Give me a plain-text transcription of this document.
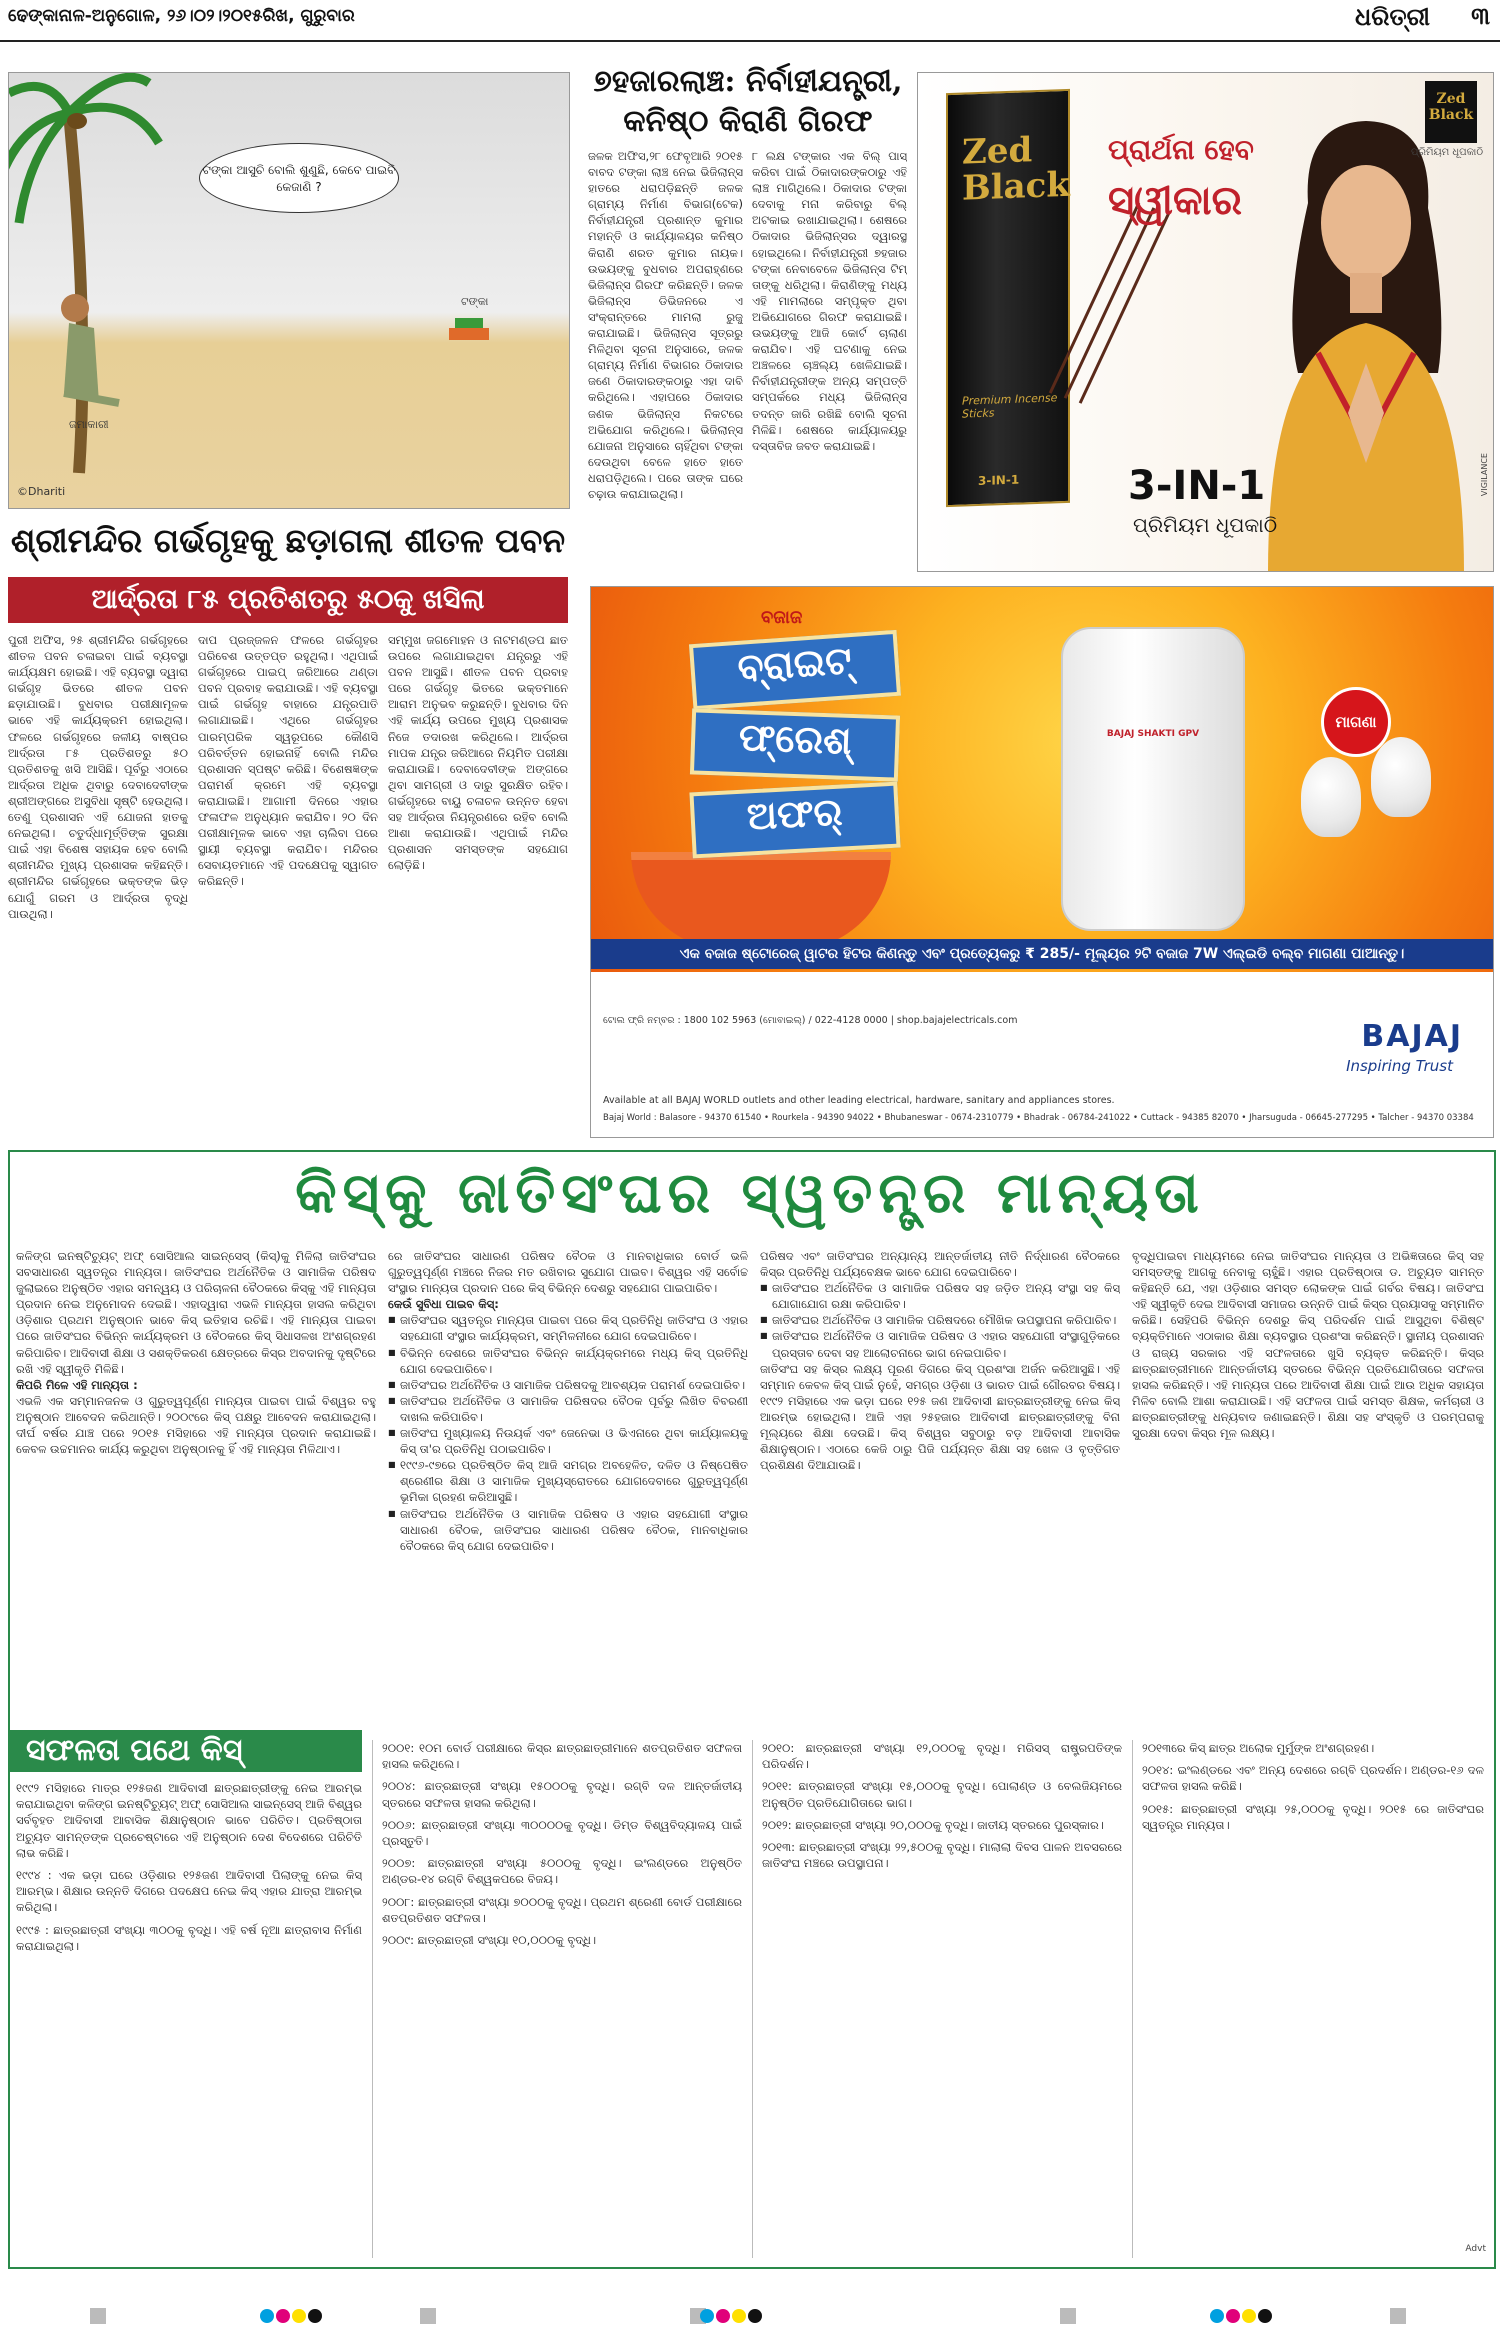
ଢେଙ୍କାନାଳ-ଅନୁଗୋଳ, ୨୬।୦୨।୨୦୧୫ରିଖ, ଗୁରୁବାର	ଧରିତ୍ରୀ ୩
ଟଙ୍କା ଆସୁଚି ବୋଲି ଶୁଣୁଛି, କେବେ ପାଇବି କେଜାଣି ?
ଟଙ୍କା
ଜମାକାରୀ
©Dhariti
୭ହଜାରଲାଞ୍ଚ: ନିର୍ବାହୀଯନ୍ତ୍ରୀ, କନିଷ୍ଠ କିରାଣି ଗିରଫ
ଜଳକ ଅଫିସ,୨୮ ଫେବୃଆରି ୨୦୧୫ ବାବଦ ଟଙ୍କା ଲାଞ୍ଚ ନେଇ ଭିଜିଲାନ୍ସ ହାତରେ ଧରାପଡ଼ିଛନ୍ତି ଜଳକ ଗ୍ରାମ୍ୟ ନିର୍ମାଣ ବିଭାଗ(ଟେକ) ନିର୍ବାହୀଯନ୍ତ୍ରୀ ପ୍ରଶାନ୍ତ କୁମାର ମହାନ୍ତି ଓ କାର୍ଯ୍ୟାଳୟର କନିଷ୍ଠ କିରାଣି ଶରତ କୁମାର ନାୟକ। ଉଭୟଙ୍କୁ ବୁଧବାର ଅପରାହ୍ଣରେ ଭିଜିଲାନ୍ସ ଗିରଫ କରିଛନ୍ତି। ଜଳକ ଭିଜିଲାନ୍ସ ଡିଭିଜନରେ ଏ ସଂକ୍ରାନ୍ତରେ ମାମଲା ରୁଜୁ କରାଯାଇଛି। ଭିଜିଲାନ୍ସ ସୂତ୍ରରୁ ମିଳିଥିବା ସୂଚନା ଅନୁସାରେ, ଜଳକ ଗ୍ରାମ୍ୟ ନିର୍ମାଣ ବିଭାଗର ଠିକାଦାର ଜଣେ ଠିକାଦାରଙ୍କଠାରୁ ଏହା ଦାବି କରିଥିଲେ। ଏହାପରେ ଠିକାଦାର ଜଣକ ଭିଜିଲାନ୍ସ ନିକଟରେ ଅଭିଯୋଗ କରିଥିଲେ। ଭିଜିଲାନ୍ସ ଯୋଜନା ଅନୁସାରେ ଚାହିଁଥିବା ଟଙ୍କା ଦେଉଥିବା ବେଳେ ହାତେ ହାତେ ଧରାପଡ଼ିଥିଲେ। ପରେ ତାଙ୍କ ଘରେ ଚଢ଼ାଉ କରାଯାଇଥିଲା।
୮ ଲକ୍ଷ ଟଙ୍କାର ଏକ ବିଲ୍ ପାସ୍ କରିବା ପାଇଁ ଠିକାଦାରଙ୍କଠାରୁ ଏହି ଲାଞ୍ଚ ମାଗିଥିଲେ। ଠିକାଦାର ଟଙ୍କା ଦେବାକୁ ମନା କରିବାରୁ ବିଲ୍ ଅଟକାଇ ରଖାଯାଇଥିଲା। ଶେଷରେ ଠିକାଦାର ଭିଜିଲାନ୍ସର ଦ୍ୱାରସ୍ଥ ହୋଇଥିଲେ। ନିର୍ବାହୀଯନ୍ତ୍ରୀ ୭ହଜାର ଟଙ୍କା ନେବାବେଳେ ଭିଜିଲାନ୍ସ ଟିମ୍ ତାଙ୍କୁ ଧରିଥିଲା। କିରାଣିଙ୍କୁ ମଧ୍ୟ ଏହି ମାମଲାରେ ସମ୍ପୃକ୍ତ ଥିବା ଅଭିଯୋଗରେ ଗିରଫ କରାଯାଇଛି। ଉଭୟଙ୍କୁ ଆଜି କୋର୍ଟ ଚାଲାଣ କରାଯିବ। ଏହି ଘଟଣାକୁ ନେଇ ଅଞ୍ଚଳରେ ଚାଞ୍ଚଲ୍ୟ ଖେଳିଯାଇଛି। ନିର୍ବାହୀଯନ୍ତ୍ରୀଙ୍କ ଅନ୍ୟ ସମ୍ପତ୍ତି ସମ୍ପର୍କରେ ମଧ୍ୟ ଭିଜିଲାନ୍ସ ତଦନ୍ତ ଜାରି ରଖିଛି ବୋଲି ସୂଚନା ମିଳିଛି। ଶେଷରେ କାର୍ଯ୍ୟାଳୟରୁ ଦସ୍ତାବିଜ ଜବତ କରାଯାଇଛି।
Zed Black
Premium Incense Sticks
3-IN-1
ପ୍ରାର୍ଥନା ହେବ
ସ୍ୱୀକାର
3-IN-1
ପ୍ରିମିୟମ ଧୂପକାଠି
Zed Black
ପ୍ରିମିୟମ ଧୂପକାଠି
VIGILANCE
ଶ୍ରୀମନ୍ଦିର ଗର୍ଭଗୃହକୁ ଛଡ଼ାଗଲା ଶୀତଳ ପବନ
ଆର୍ଦ୍ରତା ୮୫ ପ୍ରତିଶତରୁ ୫୦କୁ ଖସିଲା
ପୁରୀ ଅଫିସ, ୨୫ ଶ୍ରୀମନ୍ଦିର ଗର୍ଭଗୃହରେ ଶୀତଳ ପବନ ଚଳାଇବା ପାଇଁ ବ୍ୟବସ୍ଥା କାର୍ଯ୍ୟକ୍ଷମ ହୋଇଛି। ଏହି ବ୍ୟବସ୍ଥା ଦ୍ୱାରା ଗର୍ଭଗୃହ ଭିତରେ ଶୀତଳ ପବନ ଛଡ଼ାଯାଉଛି। ବୁଧବାର ପରୀକ୍ଷାମୂଳକ ଭାବେ ଏହି କାର୍ଯ୍ୟକ୍ରମ ହୋଇଥିଲା। ଫଳରେ ଗର୍ଭଗୃହରେ ଜଳୀୟ ବାଷ୍ପର ଆର୍ଦ୍ରତା ୮୫ ପ୍ରତିଶତରୁ ୫୦ ପ୍ରତିଶତକୁ ଖସି ଆସିଛି। ପୂର୍ବରୁ ଏଠାରେ ଆର୍ଦ୍ରତା ଅଧିକ ଥିବାରୁ ଦେବାଦେବୀଙ୍କ ଶ୍ରୀଅଙ୍ଗରେ ଅସୁବିଧା ସୃଷ୍ଟି ହେଉଥିଲା। ତେଣୁ ପ୍ରଶାସନ ଏହି ଯୋଜନା ହାତକୁ ନେଇଥିଲା। ଚତୁର୍ଦ୍ଧାମୂର୍ତ୍ତିଙ୍କ ସୁରକ୍ଷା ପାଇଁ ଏହା ବିଶେଷ ସହାୟକ ହେବ ବୋଲି ଶ୍ରୀମନ୍ଦିର ମୁଖ୍ୟ ପ୍ରଶାସକ କହିଛନ୍ତି। ଶ୍ରୀମନ୍ଦିର ଗର୍ଭଗୃହରେ ଭକ୍ତଙ୍କ ଭିଡ଼ ଯୋଗୁଁ ଗରମ ଓ ଆର୍ଦ୍ରତା ବୃଦ୍ଧି ପାଉଥିଲା।
ଦାପ ପ୍ରଜ୍ଜଳନ ଫଳରେ ଗର୍ଭଗୃହର ପରିବେଶ ଉତ୍ତପ୍ତ ରହୁଥିଲା। ଏଥିପାଇଁ ଗର୍ଭଗୃହରେ ପାଇପ୍ ଜରିଆରେ ଥଣ୍ଡା ପବନ ପ୍ରବାହ କରାଯାଉଛି। ଏହି ବ୍ୟବସ୍ଥା ପାଇଁ ଗର୍ଭଗୃହ ବାହାରେ ଯନ୍ତ୍ରପାତି ଲଗାଯାଇଛି। ଏଥିରେ ଗର୍ଭଗୃହର ପାରମ୍ପରିକ ସ୍ୱରୂପରେ କୌଣସି ପରିବର୍ତ୍ତନ ହୋଇନାହିଁ ବୋଲି ମନ୍ଦିର ପ୍ରଶାସନ ସ୍ପଷ୍ଟ କରିଛି। ବିଶେଷଜ୍ଞଙ୍କ ପରାମର୍ଶ କ୍ରମେ ଏହି ବ୍ୟବସ୍ଥା କରାଯାଇଛି। ଆଗାମୀ ଦିନରେ ଏହାର ଫଳାଫଳ ଅନୁଧ୍ୟାନ କରାଯିବ। ୨୦ ଦିନ ପରୀକ୍ଷାମୂଳକ ଭାବେ ଏହା ଚାଲିବା ପରେ ସ୍ଥାୟୀ ବ୍ୟବସ୍ଥା କରାଯିବ। ମନ୍ଦିରର ସେବାୟତମାନେ ଏହି ପଦକ୍ଷେପକୁ ସ୍ୱାଗତ କରିଛନ୍ତି।
ସମ୍ମୁଖ ଜଗମୋହନ ଓ ନାଟମଣ୍ଡପ ଛାତ ଉପରେ ଲଗାଯାଇଥିବା ଯନ୍ତ୍ରରୁ ଏହି ପବନ ଆସୁଛି। ଶୀତଳ ପବନ ପ୍ରବାହ ପରେ ଗର୍ଭଗୃହ ଭିତରେ ଭକ୍ତମାନେ ଆରାମ ଅନୁଭବ କରୁଛନ୍ତି। ବୁଧବାର ଦିନ ଏହି କାର୍ଯ୍ୟ ଉପରେ ମୁଖ୍ୟ ପ୍ରଶାସକ ନିଜେ ତଦାରଖ କରିଥିଲେ। ଆର୍ଦ୍ରତା ମାପକ ଯନ୍ତ୍ର ଜରିଆରେ ନିୟମିତ ପରୀକ୍ଷା କରାଯାଉଛି। ଦେବାଦେବୀଙ୍କ ଅଙ୍ଗରେ ଥିବା ସାମଗ୍ରୀ ଓ ଦାରୁ ସୁରକ୍ଷିତ ରହିବ। ଗର୍ଭଗୃହରେ ବାୟୁ ଚଳାଚଳ ଉନ୍ନତ ହେବା ସହ ଆର୍ଦ୍ରତା ନିୟନ୍ତ୍ରଣରେ ରହିବ ବୋଲି ଆଶା କରାଯାଉଛି। ଏଥିପାଇଁ ମନ୍ଦିର ପ୍ରଶାସନ ସମସ୍ତଙ୍କ ସହଯୋଗ ଲୋଡ଼ିଛି।
ବଜାଜ
ବ୍ରାଇଟ୍
ଫ୍ରେଶ୍
ଅଫର୍
BAJAJ SHAKTI GPV
ମାଗଣା
ଏକ ବଜାଜ ଷ୍ଟୋରେଜ୍ ୱାଟର ହିଟର କିଣନ୍ତୁ ଏବଂ ପ୍ରତ୍ୟେକରୁ ₹ 285/- ମୂଲ୍ୟର ୨ଟି ବଜାଜ 7W ଏଲ୍ଇଡି ବଲ୍ବ ମାଗଣା ପାଆନ୍ତୁ।
ଟୋଲ ଫ୍ରି ନମ୍ବର : 1800 102 5963 (ମୋବାଇଲ୍) / 022-4128 0000 | shop.bajajelectricals.com
Available at all BAJAJ WORLD outlets and other leading electrical, hardware, sanitary and appliances stores.
Bajaj World : Balasore - 94370 61540 • Rourkela - 94390 94022 • Bhubaneswar - 0674-2310779 • Bhadrak - 06784-241022 • Cuttack - 94385 82070 • Jharsuguda - 06645-277295 • Talcher - 94370 03384
BAJAJ
Inspiring Trust
କିସ୍‌କୁ ଜାତିସଂଘର ସ୍ୱତନ୍ତ୍ର ମାନ୍ୟତା

କଳିଙ୍ଗ ଇନଷ୍ଟିଚ୍ୟୁଟ୍ ଅଫ୍ ସୋସିଆଲ ସାଇନ୍ସେସ୍ (କିସ୍)କୁ ମିଳିଲା ଜାତିସଂଘର ସବସାଧାରଣ ସ୍ୱତନ୍ତ୍ର ମାନ୍ୟତା। ଜାତିସଂଘର ଅର୍ଥନୈତିକ ଓ ସାମାଜିକ ପରିଷଦ ଜୁଲାଇରେ ଅନୁଷ୍ଠିତ ଏହାର ସମନ୍ୱୟ ଓ ପରିଚାଳନା ବୈଠକରେ କିସ୍‌କୁ ଏହି ମାନ୍ୟତା ପ୍ରଦାନ ନେଇ ଅନୁମୋଦନ ଦେଇଛି। ଏହାଦ୍ୱାରା ଏଭଳି ମାନ୍ୟତା ହାସଲ କରିଥିବା ଓଡ଼ିଶାର ପ୍ରଥମ ଅନୁଷ୍ଠାନ ଭାବେ କିସ୍ ଇତିହାସ ରଚିଛି। ଏହି ମାନ୍ୟତା ପାଇବା ପରେ ଜାତିସଂଘର ବିଭିନ୍ନ କାର୍ଯ୍ୟକ୍ରମ ଓ ବୈଠକରେ କିସ୍ ସିଧାସଳଖ ଅଂଶଗ୍ରହଣ କରିପାରିବ। ଆଦିବାସୀ ଶିକ୍ଷା ଓ ସଶକ୍ତିକରଣ କ୍ଷେତ୍ରରେ କିସ୍‌ର ଅବଦାନକୁ ଦୃଷ୍ଟିରେ ରଖି ଏହି ସ୍ୱୀକୃତି ମିଳିଛି।

କିପରି ମିଳେ ଏହି ମାନ୍ୟତା :

ଏଭଳି ଏକ ସମ୍ମାନଜନକ ଓ ଗୁରୁତ୍ୱପୂର୍ଣ୍ଣ ମାନ୍ୟତା ପାଇବା ପାଇଁ ବିଶ୍ୱର ବହୁ ଅନୁଷ୍ଠାନ ଆବେଦନ କରିଥାନ୍ତି। ୨୦୦୯ରେ କିସ୍ ପକ୍ଷରୁ ଆବେଦନ କରାଯାଇଥିଲା। ଦୀର୍ଘ ବର୍ଷର ଯାଞ୍ଚ ପରେ ୨୦୧୫ ମସିହାରେ ଏହି ମାନ୍ୟତା ପ୍ରଦାନ କରାଯାଇଛି। କେବଳ ଉଚ୍ଚମାନର କାର୍ଯ୍ୟ କରୁଥିବା ଅନୁଷ୍ଠାନକୁ ହିଁ ଏହି ମାନ୍ୟତା ମିଳିଥାଏ।

ରେ ଜାତିସଂଘର ସାଧାରଣ ପରିଷଦ ବୈଠକ ଓ ମାନବାଧିକାର ବୋର୍ଡ ଭଳି ଗୁରୁତ୍ୱପୂର୍ଣ୍ଣ ମଞ୍ଚରେ ନିଜର ମତ ରଖିବାର ସୁଯୋଗ ପାଇବ। ବିଶ୍ୱର ଏହି ସର୍ବୋଚ୍ଚ ସଂସ୍ଥାର ମାନ୍ୟତା ପ୍ରଦାନ ପରେ କିସ୍ ବିଭିନ୍ନ ଦେଶରୁ ସହଯୋଗ ପାଇପାରିବ।

କେଉଁ ସୁବିଧା ପାଇବ କିସ୍:

■ ଜାତିସଂଘର ସ୍ୱତନ୍ତ୍ର ମାନ୍ୟତା ପାଇବା ପରେ କିସ୍ ପ୍ରତିନିଧି ଜାତିସଂଘ ଓ ଏହାର ସହଯୋଗୀ ସଂସ୍ଥାର କାର୍ଯ୍ୟକ୍ରମ, ସମ୍ମିଳନୀରେ ଯୋଗ ଦେଇପାରିବେ।

■ ବିଭିନ୍ନ ଦେଶରେ ଜାତିସଂଘର ବିଭିନ୍ନ କାର୍ଯ୍ୟକ୍ରମରେ ମଧ୍ୟ କିସ୍ ପ୍ରତିନିଧି ଯୋଗ ଦେଇପାରିବେ।

■ ଜାତିସଂଘର ଅର୍ଥନୈତିକ ଓ ସାମାଜିକ ପରିଷଦକୁ ଆବଶ୍ୟକ ପରାମର୍ଶ ଦେଇପାରିବ।

■ ଜାତିସଂଘର ଅର୍ଥନୈତିକ ଓ ସାମାଜିକ ପରିଷଦର ବୈଠକ ପୂର୍ବରୁ ଲିଖିତ ବିବରଣୀ ଦାଖଲ କରିପାରିବ।

■ ଜାତିସଂଘ ମୁଖ୍ୟାଳୟ ନିଉୟର୍କ ଏବଂ ଜେନେଭା ଓ ଭିଏନାରେ ଥିବା କାର୍ଯ୍ୟାଳୟକୁ କିସ୍ ତା'ର ପ୍ରତିନିଧି ପଠାଇପାରିବ।

■ ୧୯୯୬-୯୭ରେ ପ୍ରତିଷ୍ଠିତ କିସ୍ ଆଜି ସମଗ୍ର ଅବହେଳିତ, ଦଳିତ ଓ ନିଷ୍ପେଷିତ ଶ୍ରେଣୀର ଶିକ୍ଷା ଓ ସାମାଜିକ ମୁଖ୍ୟସ୍ରୋତରେ ଯୋଗଦେବାରେ ଗୁରୁତ୍ୱପୂର୍ଣ୍ଣ ଭୂମିକା ଗ୍ରହଣ କରିଆସୁଛି।

■ ଜାତିସଂଘର ଅର୍ଥନୈତିକ ଓ ସାମାଜିକ ପରିଷଦ ଓ ଏହାର ସହଯୋଗୀ ସଂସ୍ଥାର ସାଧାରଣ ବୈଠକ, ଜାତିସଂଘର ସାଧାରଣ ପରିଷଦ ବୈଠକ, ମାନବାଧିକାର ବୈଠକରେ କିସ୍ ଯୋଗ ଦେଇପାରିବ।

ପରିଷଦ ଏବଂ ଜାତିସଂଘର ଅନ୍ୟାନ୍ୟ ଆନ୍ତର୍ଜାତୀୟ ନୀତି ନିର୍ଦ୍ଧାରଣ ବୈଠକରେ କିସ୍‌ର ପ୍ରତିନିଧି ପର୍ଯ୍ୟବେକ୍ଷକ ଭାବେ ଯୋଗ ଦେଇପାରିବେ।

■ ଜାତିସଂଘର ଅର୍ଥନୈତିକ ଓ ସାମାଜିକ ପରିଷଦ ସହ ଜଡ଼ିତ ଅନ୍ୟ ସଂସ୍ଥା ସହ କିସ୍ ଯୋଗାଯୋଗ ରକ୍ଷା କରିପାରିବ।

■ ଜାତିସଂଘର ଅର୍ଥନୈତିକ ଓ ସାମାଜିକ ପରିଷଦରେ ମୌଖିକ ଉପସ୍ଥାପନା କରିପାରିବ।

■ ଜାତିସଂଘର ଅର୍ଥନୈତିକ ଓ ସାମାଜିକ ପରିଷଦ ଓ ଏହାର ସହଯୋଗୀ ସଂସ୍ଥାଗୁଡ଼ିକରେ ପ୍ରସ୍ତାବ ଦେବା ସହ ଆଲୋଚନାରେ ଭାଗ ନେଇପାରିବ।

ଜାତିସଂଘ ସହ କିସ୍‌ର ଲକ୍ଷ୍ୟ ପୂରଣ ଦିଗରେ କିସ୍ ପ୍ରଶଂସା ଅର୍ଜନ କରିଆସୁଛି। ଏହି ସମ୍ମାନ କେବଳ କିସ୍ ପାଇଁ ନୁହେଁ, ସମଗ୍ର ଓଡ଼ିଶା ଓ ଭାରତ ପାଇଁ ଗୌରବର ବିଷୟ। ୧୯୯୨ ମସିହାରେ ଏକ ଭଡ଼ା ଘରେ ୧୨୫ ଜଣ ଆଦିବାସୀ ଛାତ୍ରଛାତ୍ରୀଙ୍କୁ ନେଇ କିସ୍ ଆରମ୍ଭ ହୋଇଥିଲା। ଆଜି ଏହା ୨୫ହଜାର ଆଦିବାସୀ ଛାତ୍ରଛାତ୍ରୀଙ୍କୁ ବିନା ମୂଲ୍ୟରେ ଶିକ୍ଷା ଦେଉଛି। କିସ୍ ବିଶ୍ୱର ସବୁଠାରୁ ବଡ଼ ଆଦିବାସୀ ଆବାସିକ ଶିକ୍ଷାନୁଷ୍ଠାନ। ଏଠାରେ କେଜି ଠାରୁ ପିଜି ପର୍ଯ୍ୟନ୍ତ ଶିକ୍ଷା ସହ ଖେଳ ଓ ବୃତ୍ତିଗତ ପ୍ରଶିକ୍ଷଣ ଦିଆଯାଉଛି।

ବୃଦ୍ଧିପାଇବା ମାଧ୍ୟମରେ ନେଇ ଜାତିସଂଘର ମାନ୍ୟତା ଓ ଅଭିଜ୍ଞତାରେ କିସ୍ ସହ ସମସ୍ତଙ୍କୁ ଆଗକୁ ନେବାକୁ ଚାହୁଁଛି। ଏହାର ପ୍ରତିଷ୍ଠାତା ଡ. ଅଚ୍ୟୁତ ସାମନ୍ତ କହିଛନ୍ତି ଯେ, ଏହା ଓଡ଼ିଶାର ସମସ୍ତ ଲୋକଙ୍କ ପାଇଁ ଗର୍ବର ବିଷୟ। ଜାତିସଂଘ ଏହି ସ୍ୱୀକୃତି ଦେଇ ଆଦିବାସୀ ସମାଜର ଉନ୍ନତି ପାଇଁ କିସ୍‌ର ପ୍ରୟାସକୁ ସମ୍ମାନିତ କରିଛି। ସେହିପରି ବିଭିନ୍ନ ଦେଶରୁ କିସ୍ ପରିଦର୍ଶନ ପାଇଁ ଆସୁଥିବା ବିଶିଷ୍ଟ ବ୍ୟକ୍ତିମାନେ ଏଠାକାର ଶିକ୍ଷା ବ୍ୟବସ୍ଥାର ପ୍ରଶଂସା କରିଛନ୍ତି। ସ୍ଥାନୀୟ ପ୍ରଶାସନ ଓ ରାଜ୍ୟ ସରକାର ଏହି ସଫଳତାରେ ଖୁସି ବ୍ୟକ୍ତ କରିଛନ୍ତି। କିସ୍‌ର ଛାତ୍ରଛାତ୍ରୀମାନେ ଆନ୍ତର୍ଜାତୀୟ ସ୍ତରରେ ବିଭିନ୍ନ ପ୍ରତିଯୋଗିତାରେ ସଫଳତା ହାସଲ କରିଛନ୍ତି। ଏହି ମାନ୍ୟତା ପରେ ଆଦିବାସୀ ଶିକ୍ଷା ପାଇଁ ଆଉ ଅଧିକ ସହାୟତା ମିଳିବ ବୋଲି ଆଶା କରାଯାଉଛି। ଏହି ସଫଳତା ପାଇଁ ସମସ୍ତ ଶିକ୍ଷକ, କର୍ମଚାରୀ ଓ ଛାତ୍ରଛାତ୍ରୀଙ୍କୁ ଧନ୍ୟବାଦ ଜଣାଇଛନ୍ତି। ଶିକ୍ଷା ସହ ସଂସ୍କୃତି ଓ ପରମ୍ପରାକୁ ସୁରକ୍ଷା ଦେବା କିସ୍‌ର ମୂଳ ଲକ୍ଷ୍ୟ।
ସଫଳତା ପଥେ କିସ୍

୧୯୯୨ ମସିହାରେ ମାତ୍ର ୧୨୫ଜଣ ଆଦିବାସୀ ଛାତ୍ରଛାତ୍ରୀଙ୍କୁ ନେଇ ଆରମ୍ଭ କରାଯାଇଥିବା କଳିଙ୍ଗ ଇନଷ୍ଟିଚ୍ୟୁଟ୍ ଅଫ୍ ସୋସିଆଲ ସାଇନ୍ସେସ୍ ଆଜି ବିଶ୍ୱର ସର୍ବବୃହତ ଆଦିବାସୀ ଆବାସିକ ଶିକ୍ଷାନୁଷ୍ଠାନ ଭାବେ ପରିଚିତ। ପ୍ରତିଷ୍ଠାତା ଅଚ୍ୟୁତ ସାମନ୍ତଙ୍କ ପ୍ରଚେଷ୍ଟାରେ ଏହି ଅନୁଷ୍ଠାନ ଦେଶ ବିଦେଶରେ ପରିଚିତି ଲାଭ କରିଛି।

୧୯୯୪ : ଏକ ଭଡ଼ା ଘରେ ଓଡ଼ିଶାର ୧୨୫ଜଣ ଆଦିବାସୀ ପିଲାଙ୍କୁ ନେଇ କିସ୍ ଆରମ୍ଭ। ଶିକ୍ଷାର ଉନ୍ନତି ଦିଗରେ ପଦକ୍ଷେପ ନେଇ କିସ୍ ଏହାର ଯାତ୍ରା ଆରମ୍ଭ କରିଥିଲା।

୧୯୯୫ : ଛାତ୍ରଛାତ୍ରୀ ସଂଖ୍ୟା ୩୦୦କୁ ବୃଦ୍ଧି। ଏହି ବର୍ଷ ନୂଆ ଛାତ୍ରାବାସ ନିର୍ମାଣ କରାଯାଇଥିଲା।

୨୦୦୧: ୧୦ମ ବୋର୍ଡ ପରୀକ୍ଷାରେ କିସ୍‌ର ଛାତ୍ରଛାତ୍ରୀମାନେ ଶତପ୍ରତିଶତ ସଫଳତା ହାସଲ କରିଥିଲେ।

୨୦୦୪: ଛାତ୍ରଛାତ୍ରୀ ସଂଖ୍ୟା ୧୫୦୦୦କୁ ବୃଦ୍ଧି। ରଗ୍ବି ଦଳ ଆନ୍ତର୍ଜାତୀୟ ସ୍ତରରେ ସଫଳତା ହାସଲ କରିଥିଲା।

୨୦୦୬: ଛାତ୍ରଛାତ୍ରୀ ସଂଖ୍ୟା ୩୦୦୦୦କୁ ବୃଦ୍ଧି। ଡିମ୍ଡ ବିଶ୍ୱବିଦ୍ୟାଳୟ ପାଇଁ ପ୍ରସ୍ତୁତି।

୨୦୦୭: ଛାତ୍ରଛାତ୍ରୀ ସଂଖ୍ୟା ୫୦୦୦କୁ ବୃଦ୍ଧି। ଇଂଲଣ୍ଡରେ ଅନୁଷ୍ଠିତ ଅଣ୍ଡର-୧୪ ରଗ୍ବି ବିଶ୍ୱକପରେ ବିଜୟ।

୨୦୦୮: ଛାତ୍ରଛାତ୍ରୀ ସଂଖ୍ୟା ୭୦୦୦କୁ ବୃଦ୍ଧି। ପ୍ରଥମ ଶ୍ରେଣୀ ବୋର୍ଡ ପରୀକ୍ଷାରେ ଶତପ୍ରତିଶତ ସଫଳତା।

୨୦୦୯: ଛାତ୍ରଛାତ୍ରୀ ସଂଖ୍ୟା ୧୦,୦୦୦କୁ ବୃଦ୍ଧି।

୨୦୧୦: ଛାତ୍ରଛାତ୍ରୀ ସଂଖ୍ୟା ୧୨,୦୦୦କୁ ବୃଦ୍ଧି। ମରିସସ୍ ରାଷ୍ଟ୍ରପତିଙ୍କ ପରିଦର୍ଶନ।

୨୦୧୧: ଛାତ୍ରଛାତ୍ରୀ ସଂଖ୍ୟା ୧୫,୦୦୦କୁ ବୃଦ୍ଧି। ପୋଲାଣ୍ଡ ଓ ବେଲଜିୟମରେ ଅନୁଷ୍ଠିତ ପ୍ରତିଯୋଗିତାରେ ଭାଗ।

୨୦୧୨: ଛାତ୍ରଛାତ୍ରୀ ସଂଖ୍ୟା ୨୦,୦୦୦କୁ ବୃଦ୍ଧି। ଜାତୀୟ ସ୍ତରରେ ପୁରସ୍କାର।

୨୦୧୩: ଛାତ୍ରଛାତ୍ରୀ ସଂଖ୍ୟା ୨୨,୫୦୦କୁ ବୃଦ୍ଧି। ମାଲାଲା ଦିବସ ପାଳନ ଅବସରରେ ଜାତିସଂଘ ମଞ୍ଚରେ ଉପସ୍ଥାପନା।

୨୦୧୩ରେ କିସ୍ ଛାତ୍ର ଅଲୋକ ମୁର୍ମୁଙ୍କ ଅଂଶଗ୍ରହଣ।

୨୦୧୪: ଇଂଲଣ୍ଡରେ ଏବଂ ଅନ୍ୟ ଦେଶରେ ରଗ୍ବି ପ୍ରଦର୍ଶନ। ଅଣ୍ଡର-୧୬ ଦଳ ସଫଳତା ହାସଲ କରିଛି।

୨୦୧୫: ଛାତ୍ରଛାତ୍ରୀ ସଂଖ୍ୟା ୨୫,୦୦୦କୁ ବୃଦ୍ଧି। ୨୦୧୫ ରେ ଜାତିସଂଘର ସ୍ୱତନ୍ତ୍ର ମାନ୍ୟତା।

Advt
